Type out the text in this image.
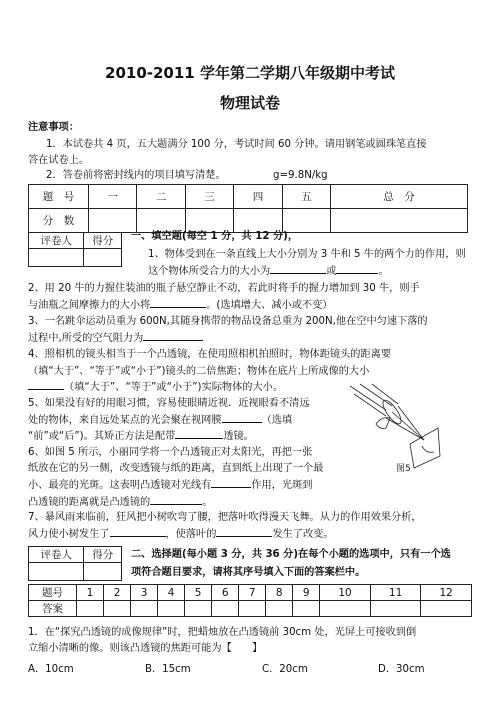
2010-2011 学年第二学期八年级期中考试
物理试卷
注意事项：
1．本试卷共 4 页，五大题满分 100 分，考试时间 60 分钟。请用钢笔或圆珠笔直接
答在试卷上。
2．答卷前将密封线内的项目填写清楚。	g=9.8N/kg
题　号	一	二	三	四	五	总　分
分　数						
评卷人	得分
	一、填空题(每空 1 分，共 12 分)，
1、物体受到在一条直线上大小分别为 3 牛和 5 牛的两个力的作用，则
这个物体所受合力的大小为	或	。
2、用 20 牛的力握住装油的瓶子悬空静止不动，若此时将手的握力增加到 30 牛，则手
与油瓶之间摩擦力的大小将	。(选填增大、减小或不变）
3、一名跳伞运动员重为 600N,其随身携带的物品设备总重为 200N,他在空中匀速下落的
过程中,所受的空气阻力为
4、照相机的镜头相当于一个凸透镜，在使用照相机拍照时，物体距镜头的距离要
（填“大于”、“等于”或“小于”)镜头的二倍焦距；物体在底片上所成像的大小
（填“大于”、“等于”或“小于”)实际物体的大小。
5、如果没有好的用眼习惯，容易使眼睛近视．近视眼看不清远
处的物体，来自远处某点的光会聚在视网膜	（选填
“前”或“后”)。其矫正方法是配带	透镜。
6、如图 5 所示，小丽同学将一个凸透镜正对太阳光，再把一张
纸放在它的另一侧，改变透镜与纸的距离，直到纸上出现了一个最
小、最亮的光斑。这表明凸透镜对光线有	作用，光斑到
凸透镜的距离就是凸透镜的	。
图5
7、暴风雨来临前，狂风把小树吹弯了腰，把落叶吹得漫天飞舞。从力的作用效果分析，
风力使小树发生了	，使落叶的	发生了改变。
评卷人	得分
	二、选择题(每小题 3 分，共 36 分)在每个小题的选项中，只有一个选
项符合题目要求，请将其序号填入下面的答案栏中。
题号	1	2	3	4	5	6	7	8	9	10	11	12
答案												
1．在“探究凸透镜的成像规律”时，把蜡烛放在凸透镜前 30cm 处，光屏上可接收到倒
立缩小清晰的像。则该凸透镜的焦距可能为【　　】
A．10cm	B．15cm	C．20cm	D．30cm
